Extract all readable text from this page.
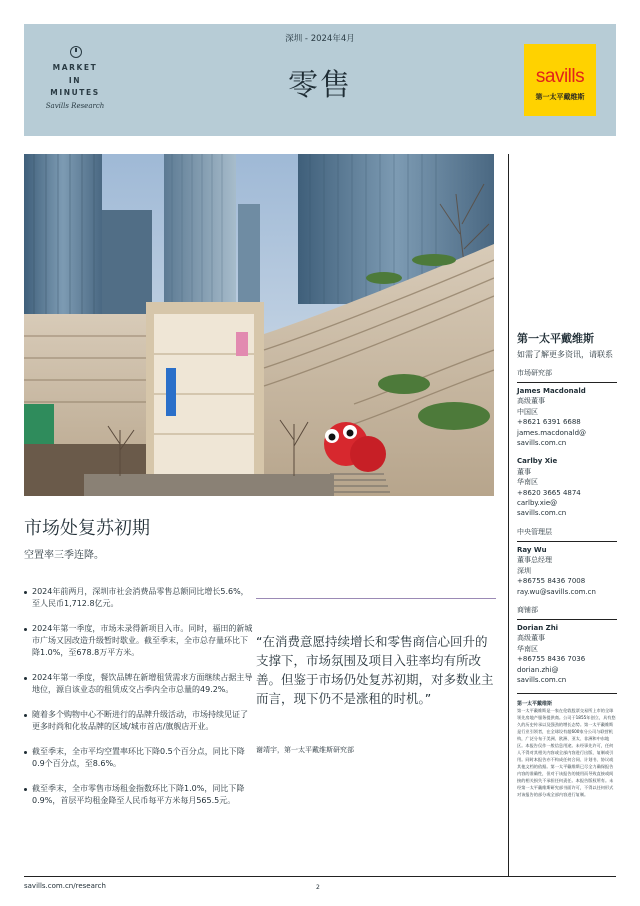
MARKET
IN
MINUTES
Savills Research
深圳 - 2024年4月
零售	savills
第一太平戴维斯
市场处复苏初期
空置率三季连降。
2024年前两月，深圳市社会消费品零售总额同比增长5.6%，至人民币1,712.8亿元。
2024年第一季度，市场未录得新项目入市。同时，福田的新城市广场又因改造升级暂时歇业。截至季末，全市总存量环比下降1.0%，至678.8万平方米。
2024年第一季度，餐饮品牌在新增租赁需求方面继续占据主导地位，源自该业态的租赁成交占季内全市总量的49.2%。
随着多个购物中心不断进行的品牌升级活动，市场持续见证了更多时尚和化妆品牌的区域/城市首店/旗舰店开业。
截至季末，全市平均空置率环比下降0.5个百分点，同比下降0.9个百分点，至8.6%。
截至季末，全市零售市场租金指数环比下降1.0%，同比下降0.9%，首层平均租金降至人民币每平方米每月565.5元。
“在消费意愿持续增长和零售商信心回升的支撑下，市场氛围及项目入驻率均有所改善。但鉴于市场仍处复苏初期，对多数业主而言，现下仍不是涨租的时机。”
谢靖宇，第一太平戴维斯研究部
第一太平戴维斯
如需了解更多资讯，请联系
市场研究部
James Macdonald
高级董事
中国区
+8621 6391 6688
james.macdonald@
savills.com.cn
Carlby Xie
董事
华南区
+8620 3665 4874
carlby.xie@
savills.com.cn
中央管理层
Ray Wu
董事总经理
深圳
+86755 8436 7008
ray.wu@savills.com.cn
商铺部
Dorian Zhi
高级董事
华南区
+86755 8436 7036
dorian.zhi@
savills.com.cn
第一太平戴维斯
第一太平戴维斯是一家在伦敦股票交易所上市的全球领先房地产服务提供商。公司于1855年创立，具有悠久的历史传承以及强劲的增长态势。第一太平戴维斯是行业引领者，在全球设有超600家分公司与联营机构，广泛分布于美洲、欧洲、亚太、非洲和中东地区。本报告仅作一般信息用途。未经事先许可，任何人不得对其相关内容或全部内容进行出版、复制或引用。同时本报告亦不构成任何合同、计划书、协议或其他文档的依据。第一太平戴维斯已尽全力确保报告内容的准确性，但对于该报告的使用而导致直接或间接的相关损失不承担任何责任。本报告版权所有。未经第一太平戴维斯研究部书面许可，不得以任何形式对该报告的部分或全部内容进行复制。
savills.com.cn/research	2
